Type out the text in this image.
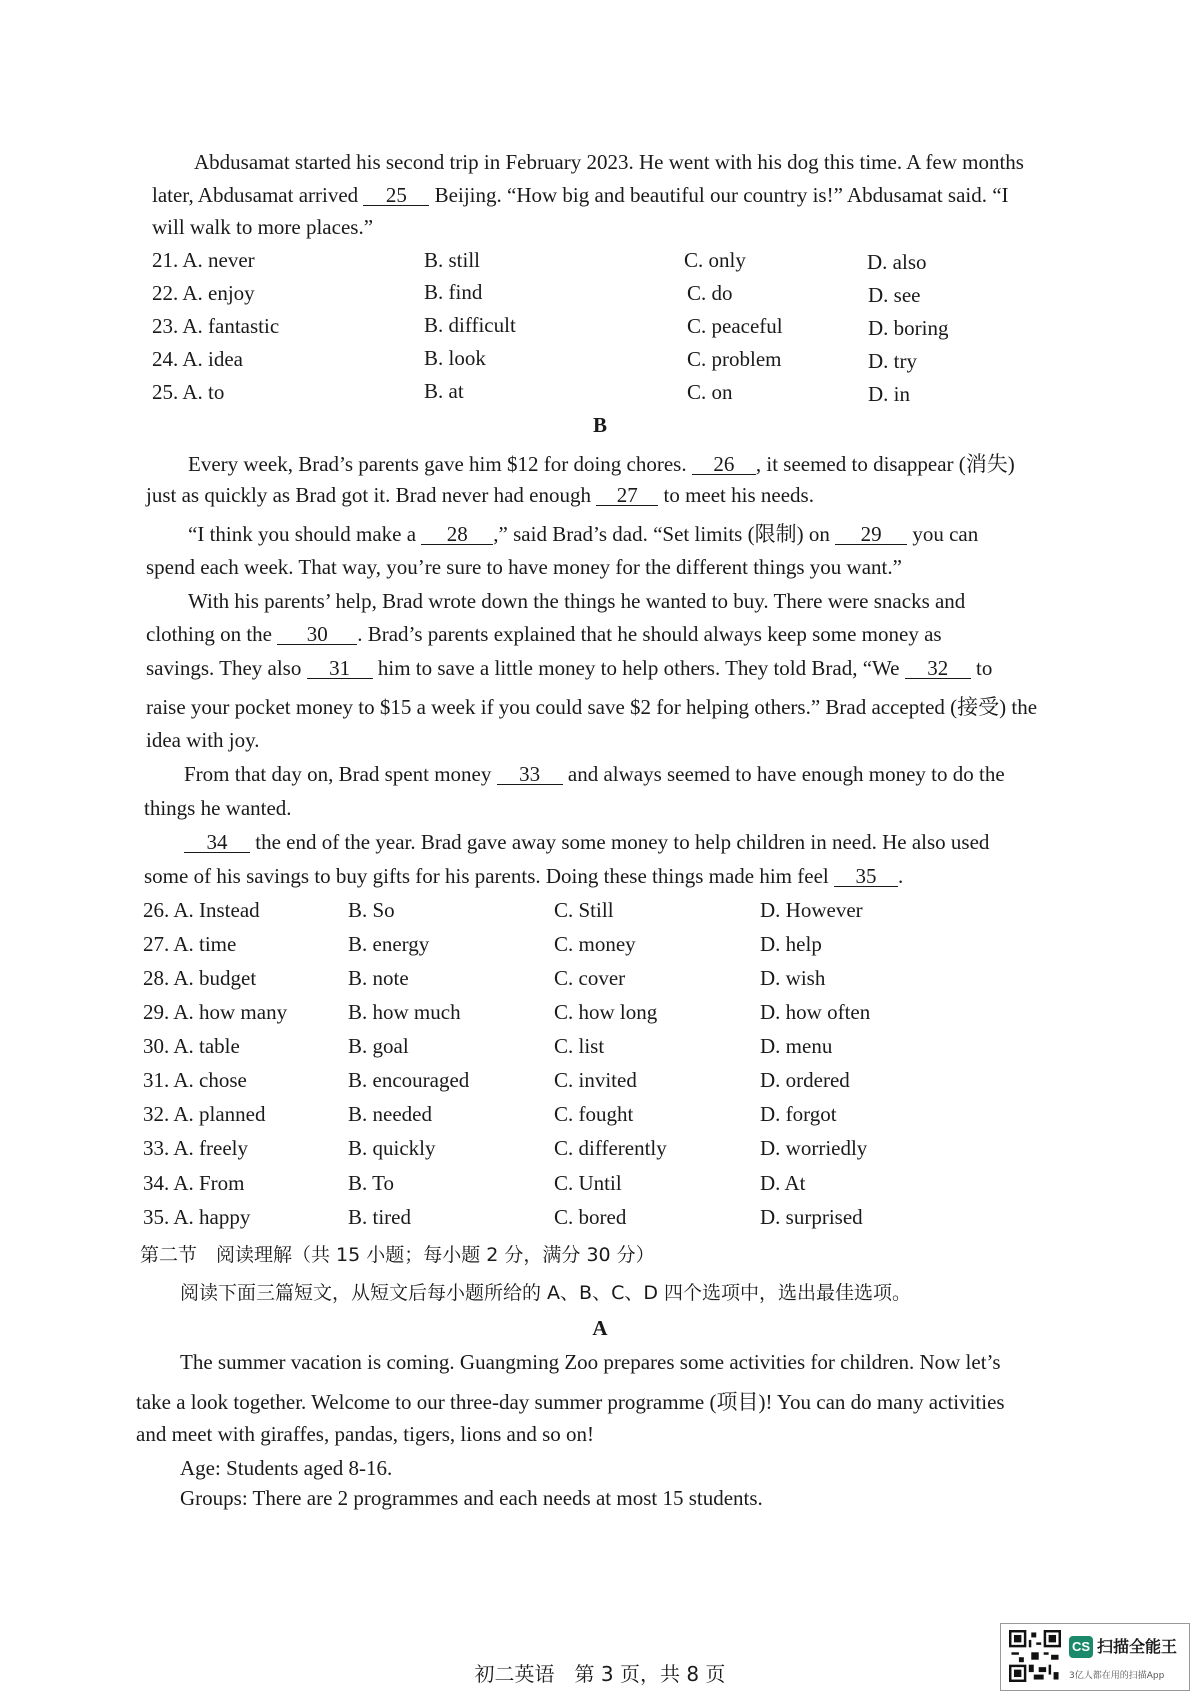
Abdusamat started his second trip in February 2023. He went with his dog this time. A few months
later, Abdusamat arrived 25 Beijing. “How big and beautiful our country is!” Abdusamat said. “I
will walk to more places.”
21. A. never	B. still	C. only	D. also
22. A. enjoy	B. find	C. do	D. see
23. A. fantastic	B. difficult	C. peaceful	D. boring
24. A. idea	B. look	C. problem	D. try
25. A. to	B. at	C. on	D. in
B
Every week, Brad’s parents gave him $12 for doing chores. 26 , it seemed to disappear (消失)
just as quickly as Brad got it. Brad never had enough 27 to meet his needs.
“I think you should make a 28 ,” said Brad’s dad. “Set limits (限制) on 29 you can
spend each week. That way, you’re sure to have money for the different things you want.”
With his parents’ help, Brad wrote down the things he wanted to buy. There were snacks and
clothing on the 30 . Brad’s parents explained that he should always keep some money as
savings. They also 31 him to save a little money to help others. They told Brad, “We 32 to
raise your pocket money to $15 a week if you could save $2 for helping others.” Brad accepted (接受) the
idea with joy.
From that day on, Brad spent money 33 and always seemed to have enough money to do the
things he wanted.
34 the end of the year. Brad gave away some money to help children in need. He also used
some of his savings to buy gifts for his parents. Doing these things made him feel 35 .
26. A. Instead	B. So	C. Still	D. However
27. A. time	B. energy	C. money	D. help
28. A. budget	B. note	C. cover	D. wish
29. A. how many	B. how much	C. how long	D. how often
30. A. table	B. goal	C. list	D. menu
31. A. chose	B. encouraged	C. invited	D. ordered
32. A. planned	B. needed	C. fought	D. forgot
33. A. freely	B. quickly	C. differently	D. worriedly
34. A. From	B. To	C. Until	D. At
35. A. happy	B. tired	C. bored	D. surprised
第二节　阅读理解（共 15 小题；每小题 2 分，满分 30 分）
阅读下面三篇短文，从短文后每小题所给的 A、B、C、D 四个选项中，选出最佳选项。
A
The summer vacation is coming. Guangming Zoo prepares some activities for children. Now let’s
take a look together. Welcome to our three-day summer programme (项目)! You can do many activities
and meet with giraffes, pandas, tigers, lions and so on!
Age: Students aged 8-16.
Groups: There are 2 programmes and each needs at most 15 students.
初二英语　第 3 页，共 8 页
CS 扫描全能王
3亿人都在用的扫描App
